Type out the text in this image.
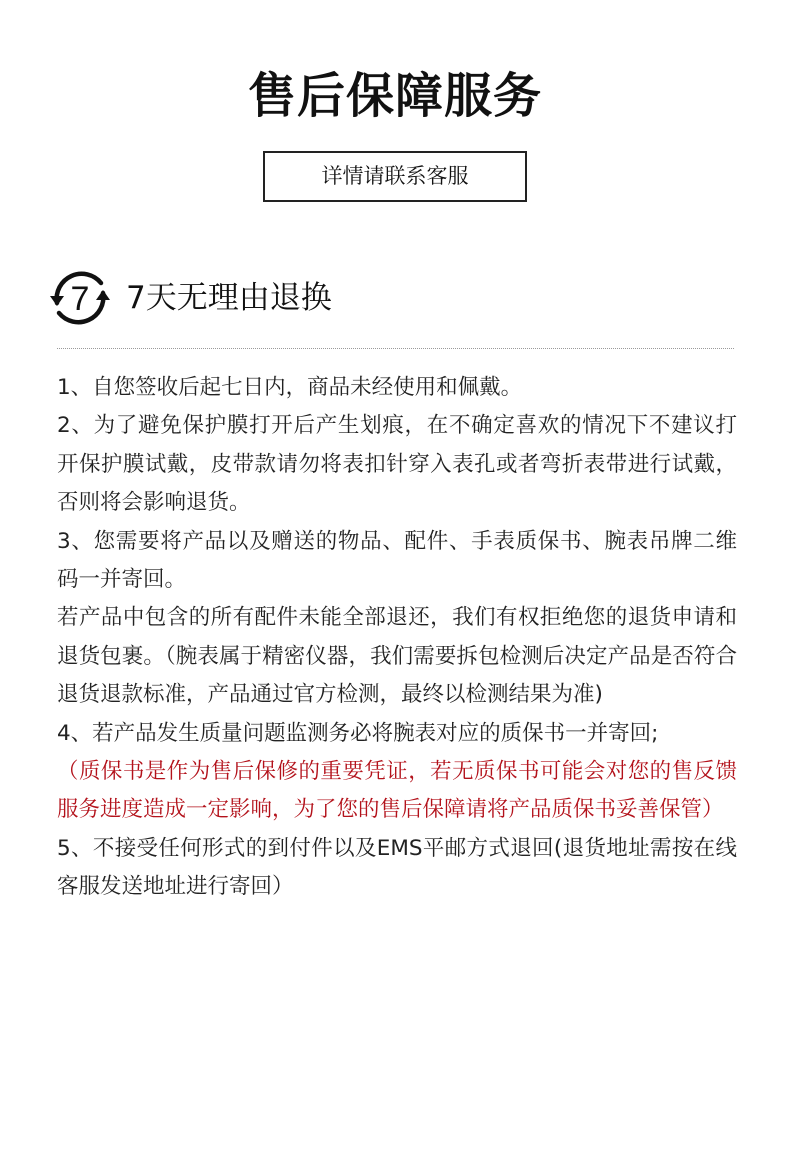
售后保障服务
详情请联系客服
7 7天无理由退换

1、自您签收后起七日内，商品未经使用和佩戴。

2、为了避免保护膜打开后产生划痕，在不确定喜欢的情况下不建议打开保护膜试戴，皮带款请勿将表扣针穿入表孔或者弯折表带进行试戴，否则将会影响退货。

3、您需要将产品以及赠送的物品、配件、手表质保书、腕表吊牌二维码一并寄回。

若产品中包含的所有配件未能全部退还，我们有权拒绝您的退货申请和退货包裹。（腕表属于精密仪器，我们需要拆包检测后决定产品是否符合退货退款标准，产品通过官方检测，最终以检测结果为准)

4、若产品发生质量问题监测务必将腕表对应的质保书一并寄回;

（质保书是作为售后保修的重要凭证，若无质保书可能会对您的售反馈服务进度造成一定影响，为了您的售后保障请将产品质保书妥善保管）

5、不接受任何形式的到付件以及EMS平邮方式退回(退货地址需按在线客服发送地址进行寄回）
